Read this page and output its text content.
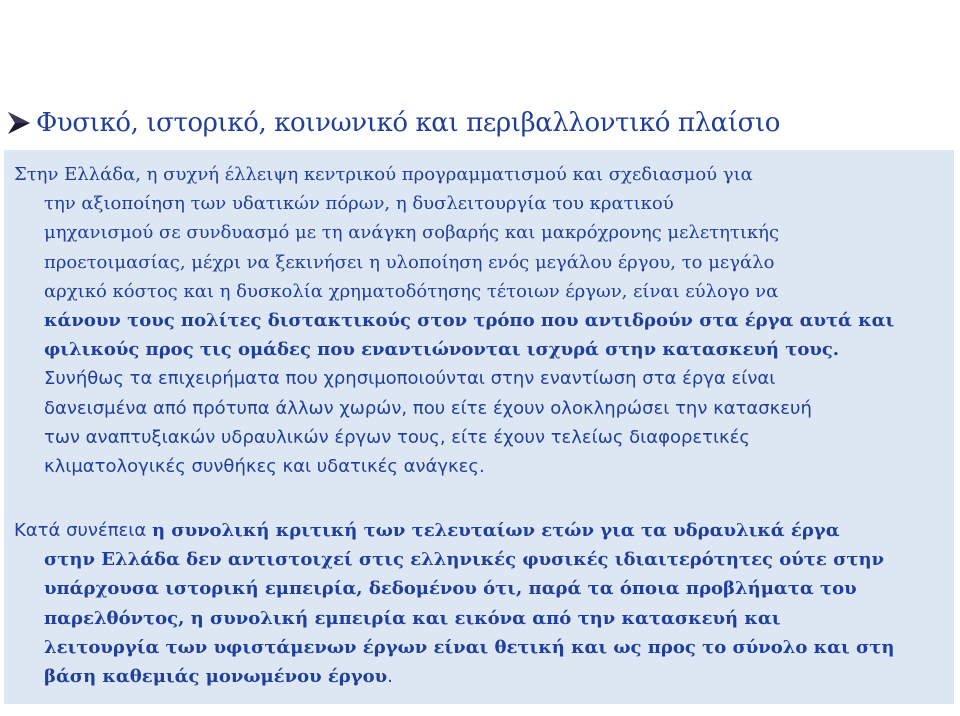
Φυσικό, ιστορικό, κοινωνικό και περιβαλλοντικό πλαίσιο
Στην Ελλάδα, η συχνή έλλειψη κεντρικού προγραμματισμού και σχεδιασμού για
την αξιοποίηση των υδατικών πόρων, η δυσλειτουργία του κρατικού
μηχανισμού σε συνδυασμό με τη ανάγκη σοβαρής και μακρόχρονης μελετητικής
προετοιμασίας, μέχρι να ξεκινήσει η υλοποίηση ενός μεγάλου έργου, το μεγάλο
αρχικό κόστος και η δυσκολία χρηματοδότησης τέτοιων έργων, είναι εύλογο να
κάνουν τους πολίτες διστακτικούς στον τρόπο που αντιδρούν στα έργα αυτά και
φιλικούς προς τις ομάδες που εναντιώνονται ισχυρά στην κατασκευή τους.
Συνήθως τα επιχειρήματα που χρησιμοποιούνται στην εναντίωση στα έργα είναι
δανεισμένα από πρότυπα άλλων χωρών, που είτε έχουν ολοκληρώσει την κατασκευή
των αναπτυξιακών υδραυλικών έργων τους, είτε έχουν τελείως διαφορετικές
κλιματολογικές συνθήκες και υδατικές ανάγκες.
Κατά συνέπεια η συνολική κριτική των τελευταίων ετών για τα υδραυλικά έργα
στην Ελλάδα δεν αντιστοιχεί στις ελληνικές φυσικές ιδιαιτερότητες ούτε στην
υπάρχουσα ιστορική εμπειρία, δεδομένου ότι, παρά τα όποια προβλήματα του
παρελθόντος, η συνολική εμπειρία και εικόνα από την κατασκευή και
λειτουργία των υφιστάμενων έργων είναι θετική και ως προς το σύνολο και στη
βάση καθεμιάς μονωμένου έργου.
